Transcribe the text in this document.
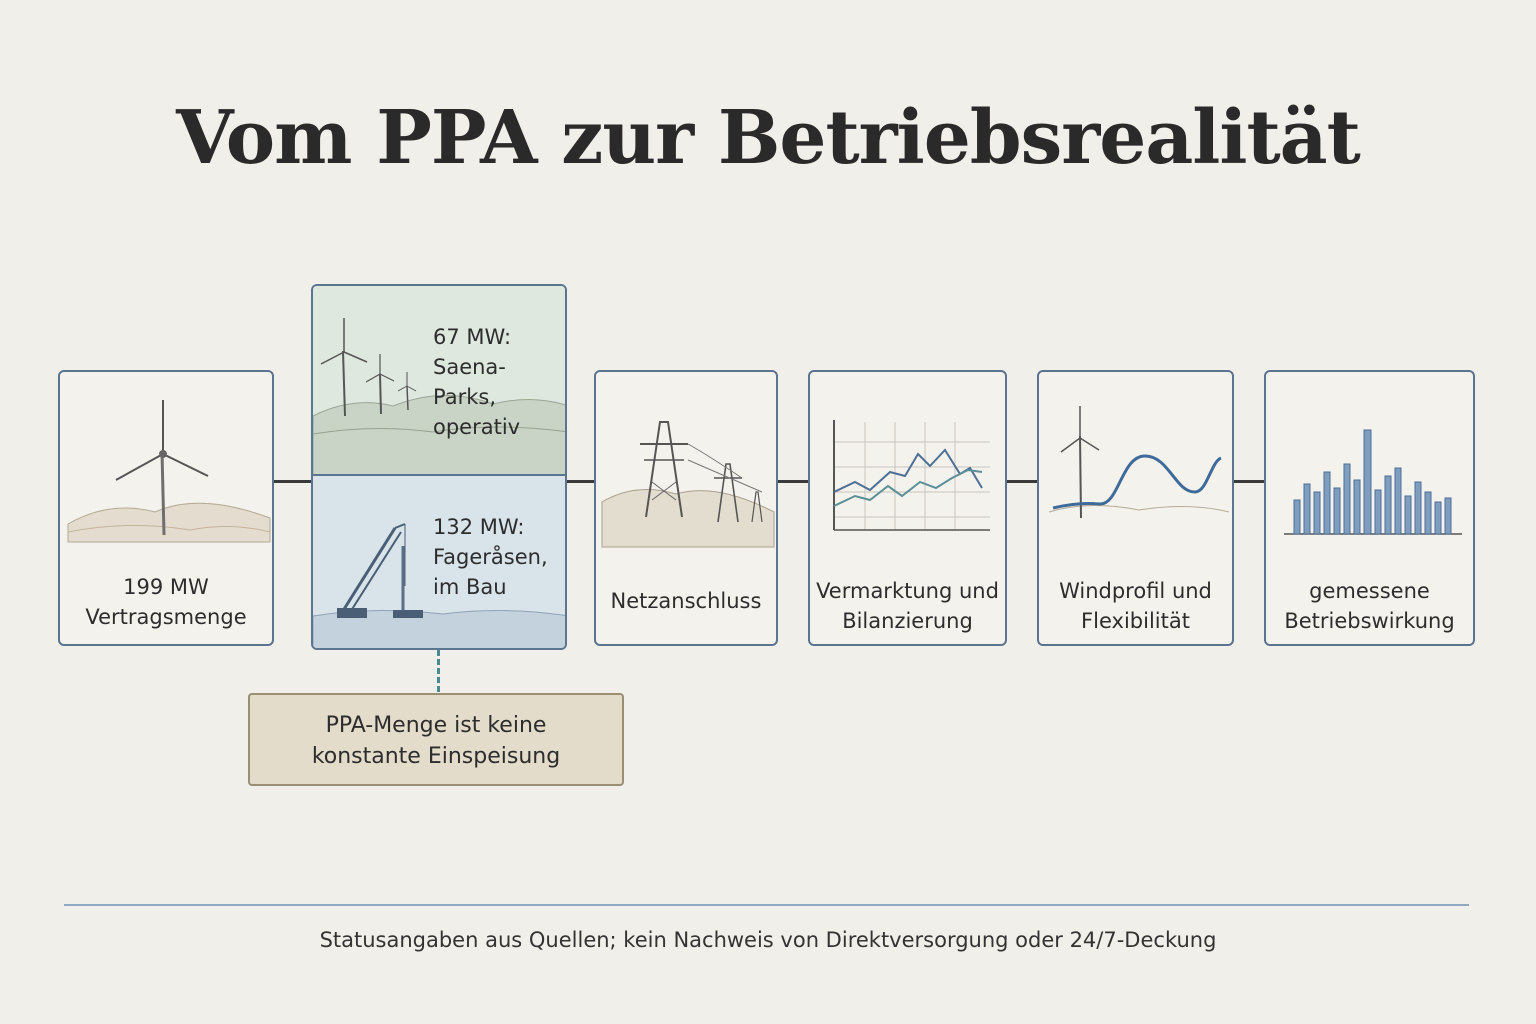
Vom PPA zur Betriebsrealität
199 MW
Vertragsmenge
67 MW:
Saena-Parks,
operativ
132 MW:
Fageråsen,
im Bau
Netzanschluss	Vermarktung und
Bilanzierung
Windprofil und
Flexibilität
gemessene
Betriebswirkung
PPA-Menge ist keine
konstante Einspeisung
Statusangaben aus Quellen; kein Nachweis von Direktversorgung oder 24/7-Deckung
